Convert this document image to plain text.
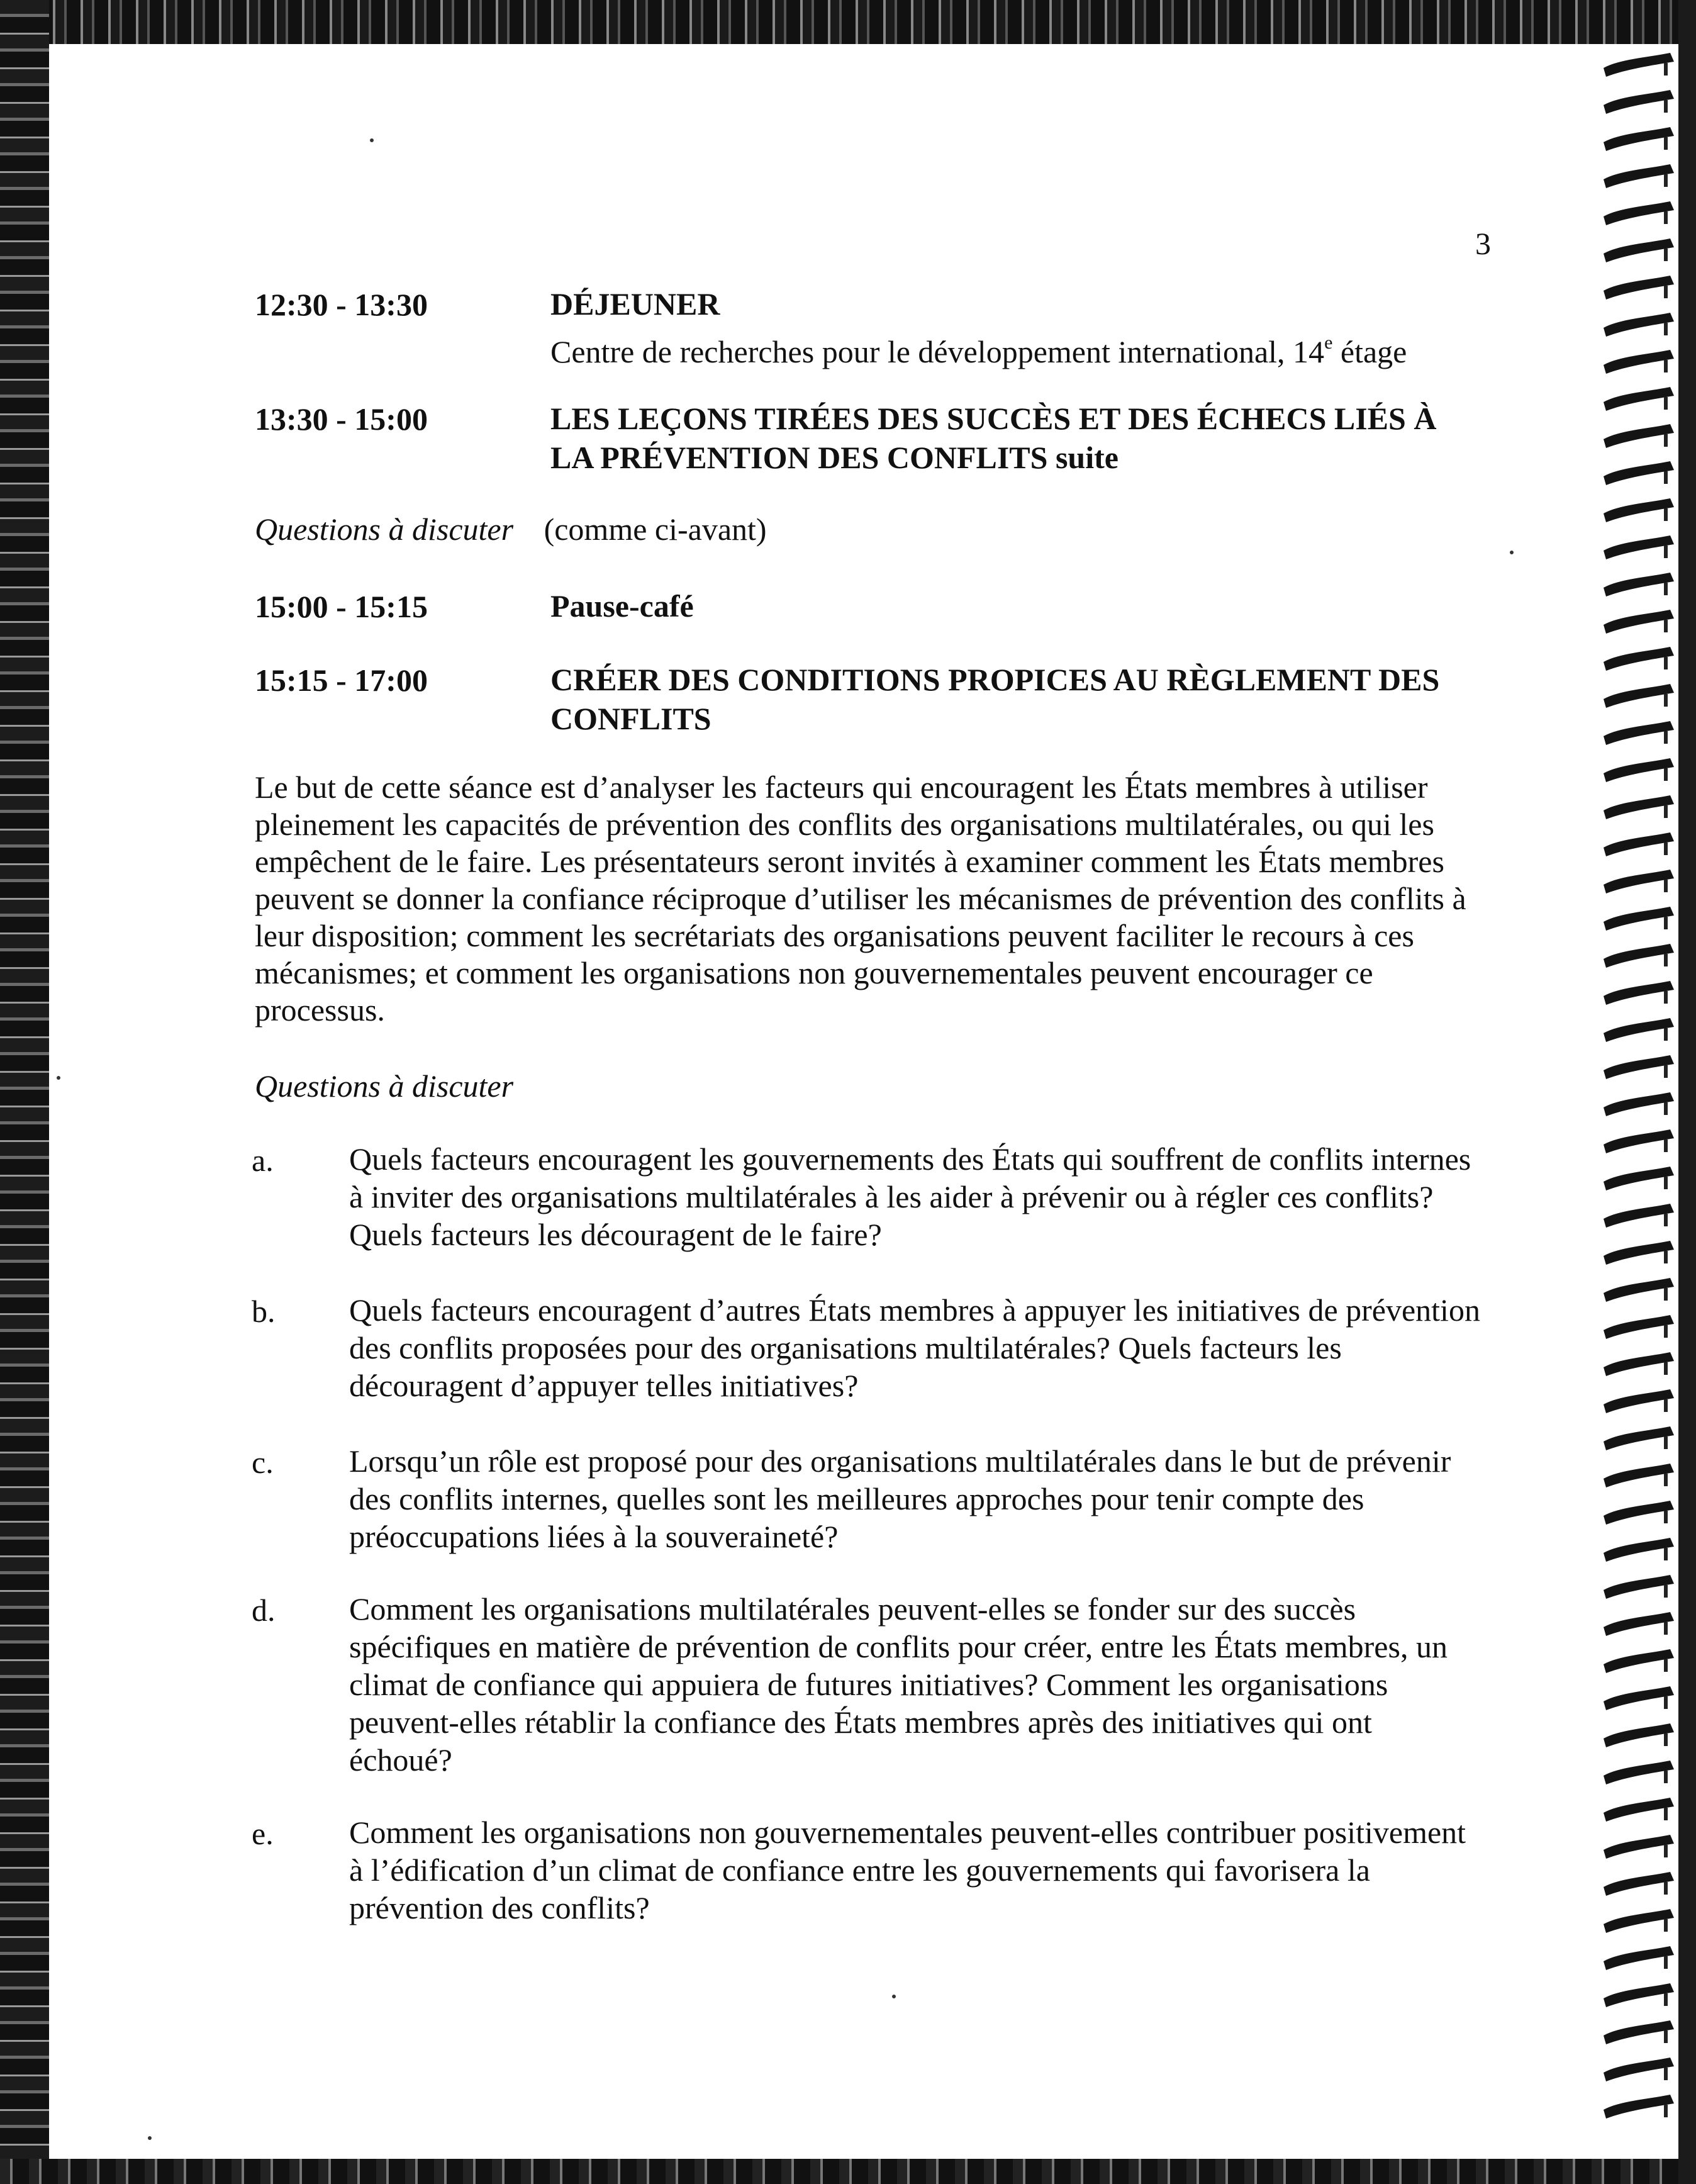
3
12:30 - 13:30	DÉJEUNER
Centre de recherches pour le développement international, 14e étage
13:30 - 15:00	LES LEÇONS TIRÉES DES SUCCÈS ET DES ÉCHECS LIÉS À LA PRÉVENTION DES CONFLITS suite
Questions à discuter (comme ci-avant)
15:00 - 15:15	Pause-café
15:15 - 17:00	CRÉER DES CONDITIONS PROPICES AU RÈGLEMENT DES CONFLITS
Le but de cette séance est d’analyser les facteurs qui encouragent les États membres à utiliser pleinement les capacités de prévention des conflits des organisations multilatérales, ou qui les empêchent de le faire. Les présentateurs seront invités à examiner comment les États membres peuvent se donner la confiance réciproque d’utiliser les mécanismes de prévention des conflits à leur disposition; comment les secrétariats des organisations peuvent faciliter le recours à ces mécanismes; et comment les organisations non gouvernementales peuvent encourager ce processus.
Questions à discuter
a. Quels facteurs encouragent les gouvernements des États qui souffrent de conflits internes à inviter des organisations multilatérales à les aider à prévenir ou à régler ces conflits? Quels facteurs les découragent de le faire?
b. Quels facteurs encouragent d’autres États membres à appuyer les initiatives de prévention des conflits proposées pour des organisations multilatérales? Quels facteurs les découragent d’appuyer telles initiatives?
c. Lorsqu’un rôle est proposé pour des organisations multilatérales dans le but de prévenir des conflits internes, quelles sont les meilleures approches pour tenir compte des préoccupations liées à la souveraineté?
d. Comment les organisations multilatérales peuvent-elles se fonder sur des succès spécifiques en matière de prévention de conflits pour créer, entre les États membres, un climat de confiance qui appuiera de futures initiatives? Comment les organisations peuvent-elles rétablir la confiance des États membres après des initiatives qui ont échoué?
e. Comment les organisations non gouvernementales peuvent-elles contribuer positivement à l’édification d’un climat de confiance entre les gouvernements qui favorisera la prévention des conflits?
